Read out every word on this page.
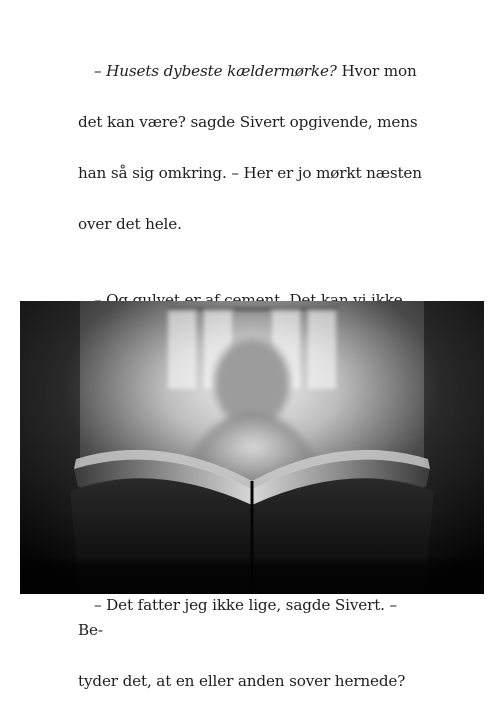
– Husets dybeste kældermørke? Hvor mon

det kan være? sagde Sivert opgivende, mens

han så sig omkring. – Her er jo mørkt næsten

over det hele.

– Det fatter jeg ikke lige, sagde Sivert. – Be-

tyder det, at en eller anden sover hernede?
